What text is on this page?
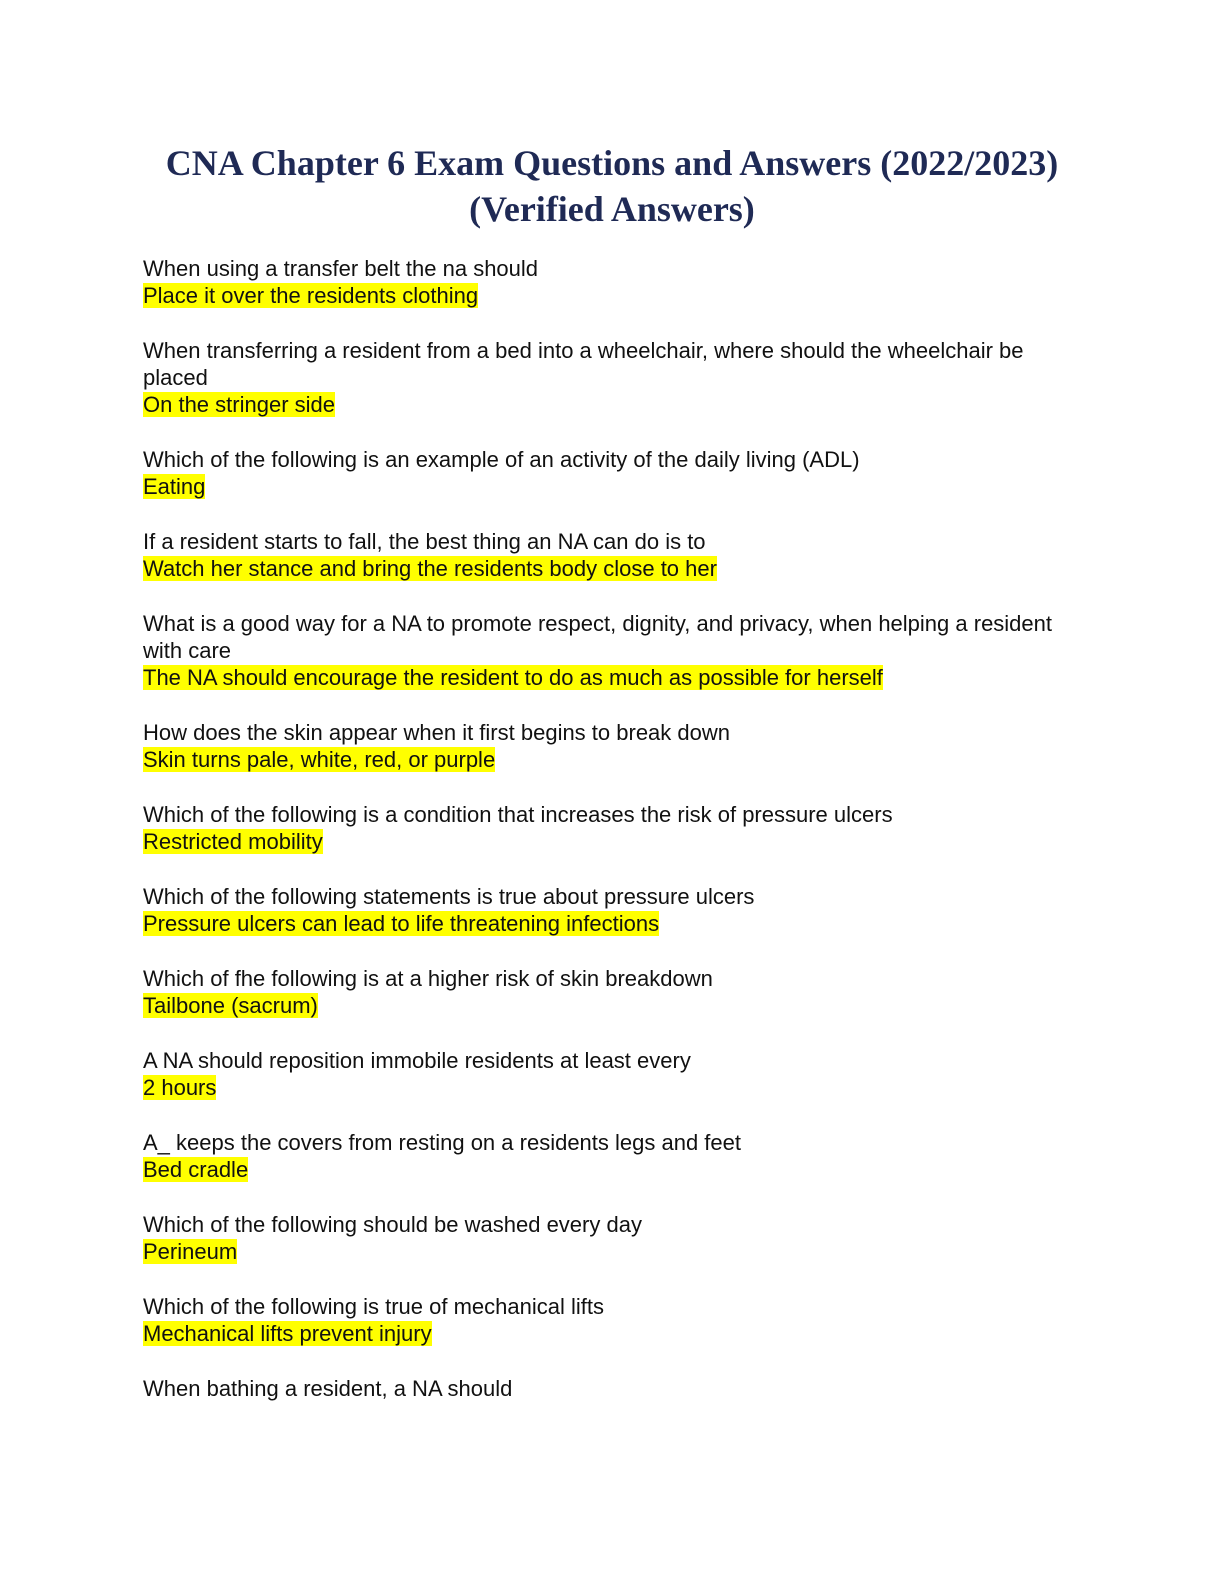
CNA Chapter 6 Exam Questions and Answers (2022/2023)
(Verified Answers)
When using a transfer belt the na should
Place it over the residents clothing
When transferring a resident from a bed into a wheelchair, where should the wheelchair be placed
On the stringer side
Which of the following is an example of an activity of the daily living (ADL)
Eating
If a resident starts to fall, the best thing an NA can do is to
Watch her stance and bring the residents body close to her
What is a good way for a NA to promote respect, dignity, and privacy, when helping a resident with care
The NA should encourage the resident to do as much as possible for herself
How does the skin appear when it first begins to break down
Skin turns pale, white, red, or purple
Which of the following is a condition that increases the risk of pressure ulcers
Restricted mobility
Which of the following statements is true about pressure ulcers
Pressure ulcers can lead to life threatening infections
Which of fhe following is at a higher risk of skin breakdown
Tailbone (sacrum)
A NA should reposition immobile residents at least every
2 hours
A_ keeps the covers from resting on a residents legs and feet
Bed cradle
Which of the following should be washed every day
Perineum
Which of the following is true of mechanical lifts
Mechanical lifts prevent injury
When bathing a resident, a NA should
